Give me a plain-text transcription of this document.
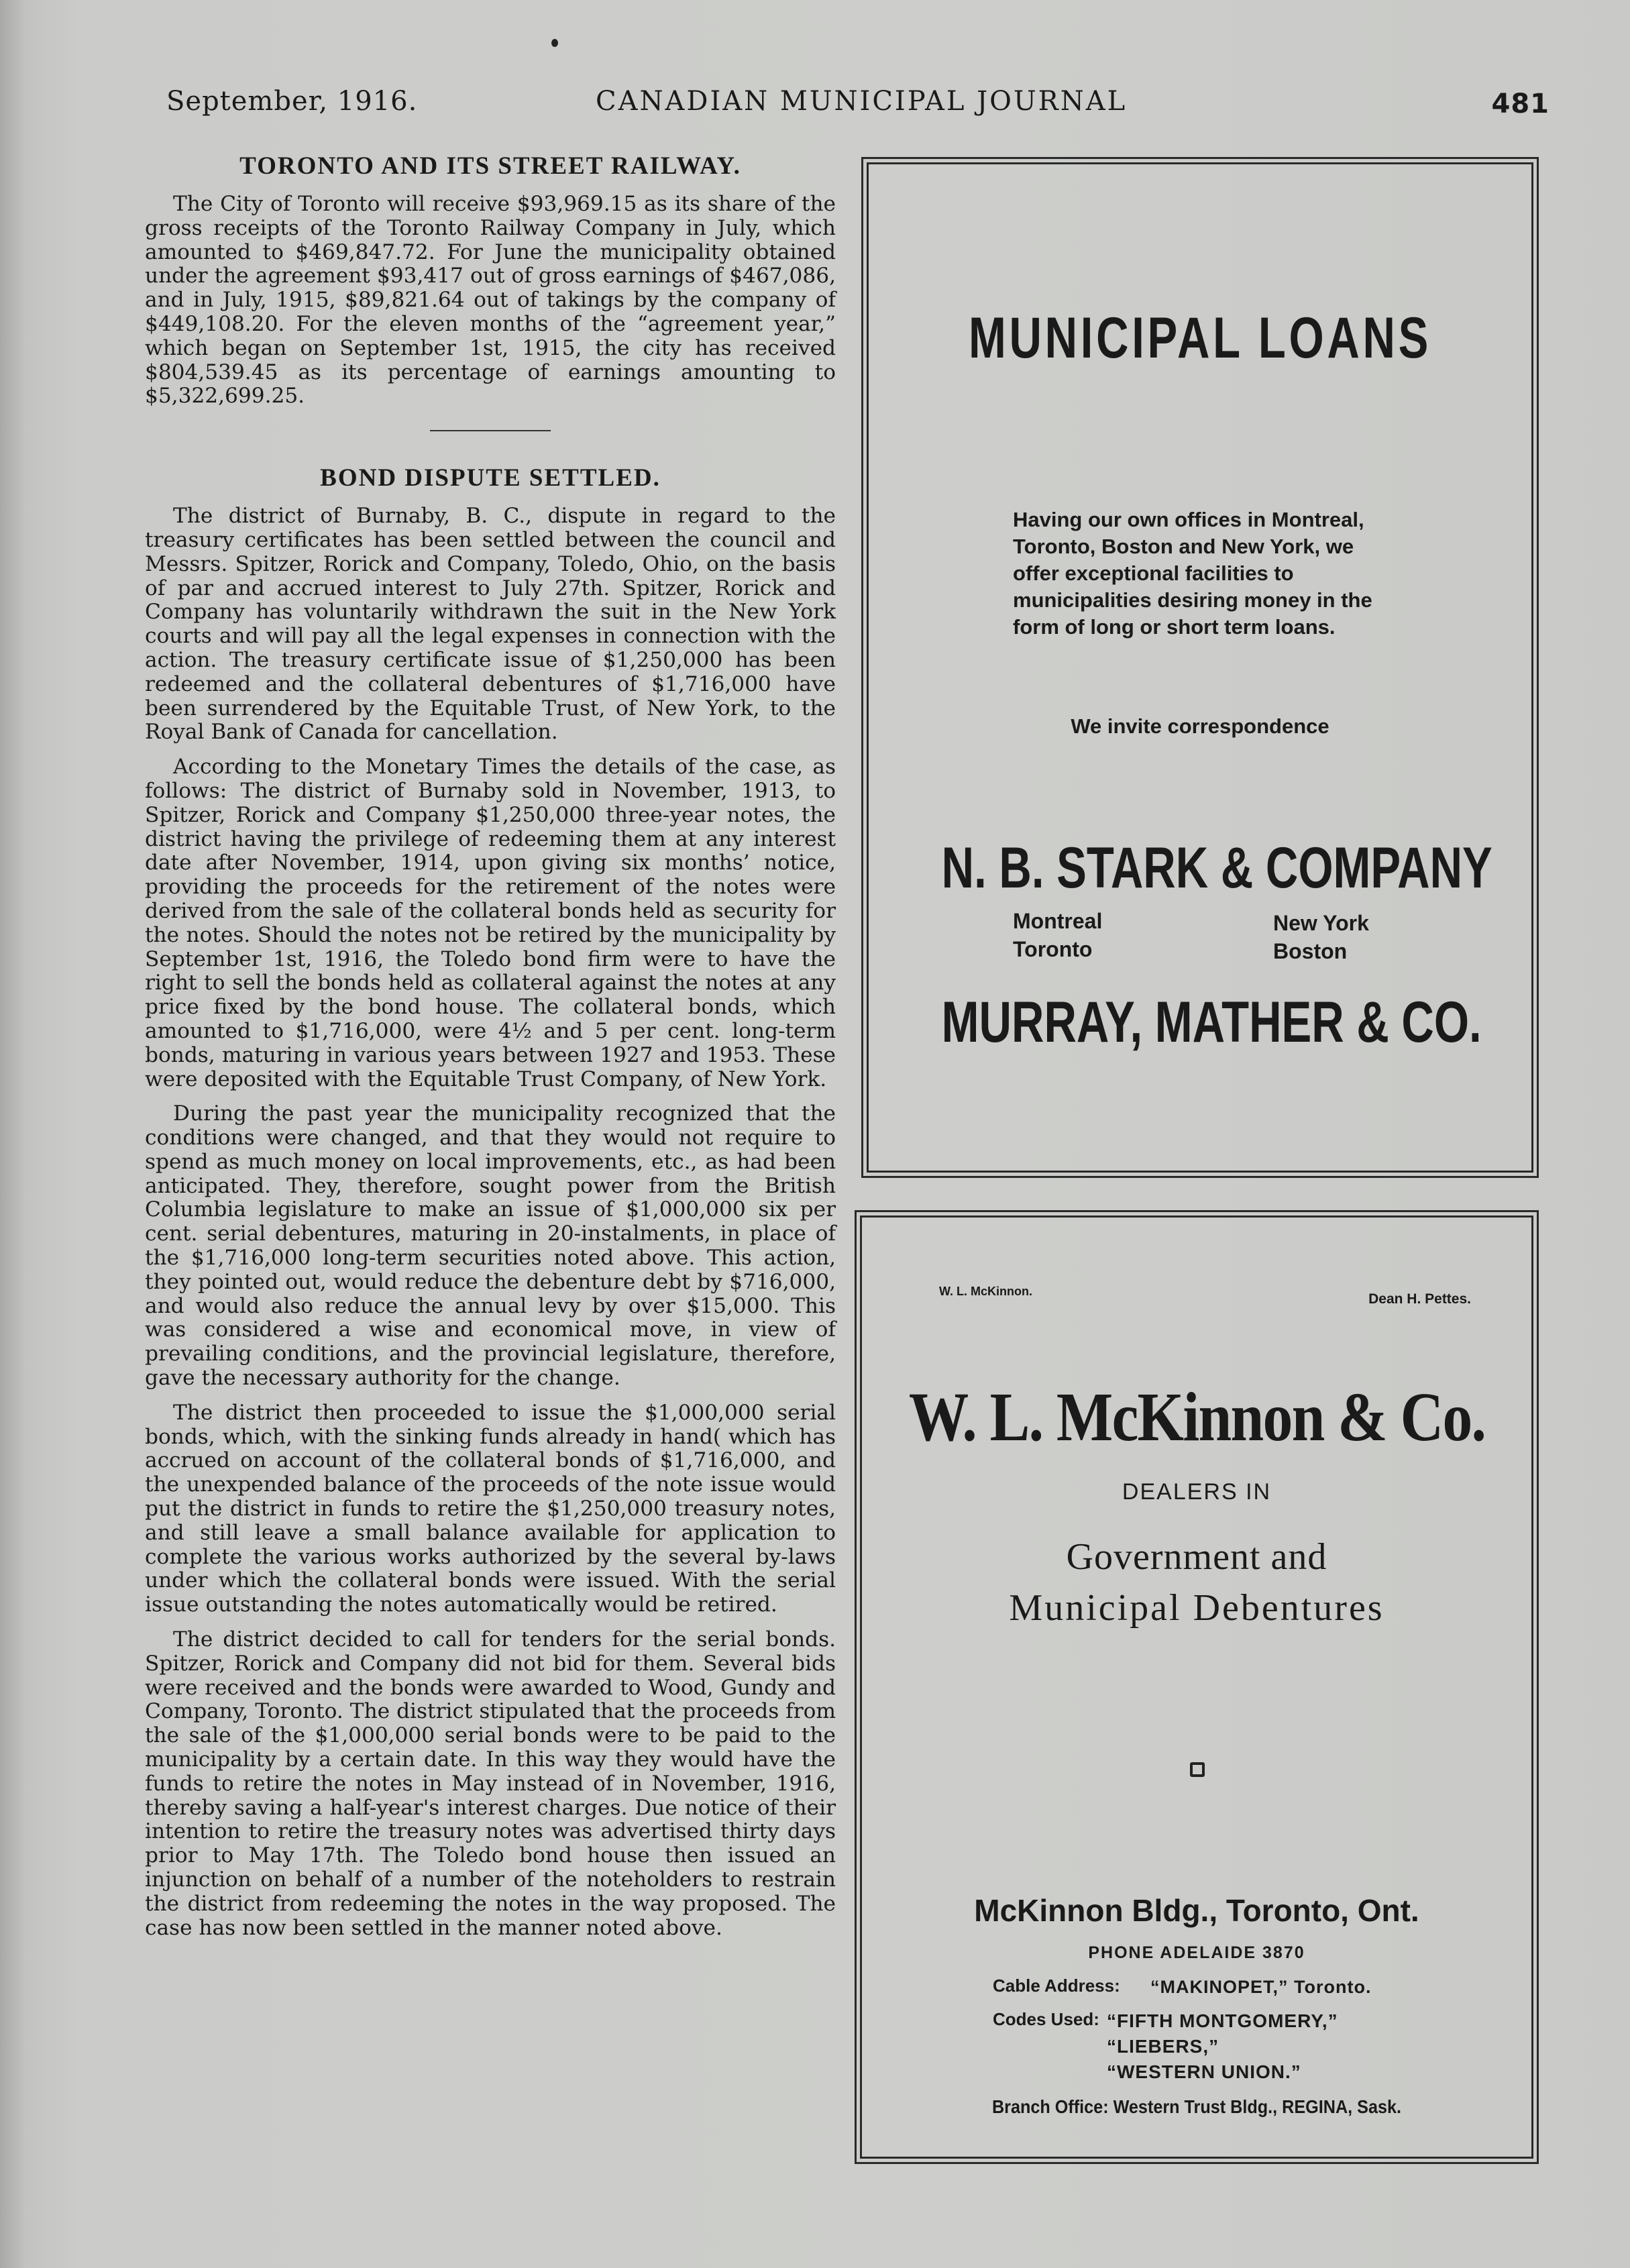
September, 1916.	CANADIAN MUNICIPAL JOURNAL	481
TORONTO AND ITS STREET RAILWAY.

The City of Toronto will receive $93,969.15 as its share of the gross receipts of the Toronto Railway Company in July, which amounted to $469,847.72. For June the municipality obtained under the agreement $93,417 out of gross earnings of $467,086, and in July, 1915, $89,821.64 out of takings by the company of $449,108.20. For the eleven months of the “agreement year,” which began on September 1st, 1915, the city has received $804,539.45 as its percentage of earnings amounting to $5,322,699.25.

BOND DISPUTE SETTLED.

The district of Burnaby, B. C., dispute in regard to the treasury certificates has been settled between the council and Messrs. Spitzer, Rorick and Company, Toledo, Ohio, on the basis of par and accrued interest to July 27th. Spitzer, Rorick and Company has voluntarily withdrawn the suit in the New York courts and will pay all the legal expenses in connection with the action. The treasury certificate issue of $1,250,000 has been redeemed and the collateral debentures of $1,716,000 have been surrendered by the Equitable Trust, of New York, to the Royal Bank of Canada for cancellation.

According to the Monetary Times the details of the case, as follows: The district of Burnaby sold in November, 1913, to Spitzer, Rorick and Company $1,250,000 three-year notes, the district having the privilege of redeeming them at any interest date after November, 1914, upon giving six months’ notice, providing the proceeds for the retirement of the notes were derived from the sale of the collateral bonds held as security for the notes. Should the notes not be retired by the municipality by September 1st, 1916, the Toledo bond firm were to have the right to sell the bonds held as collateral against the notes at any price fixed by the bond house. The collateral bonds, which amounted to $1,716,000, were 4½ and 5 per cent. long-term bonds, maturing in various years between 1927 and 1953. These were deposited with the Equitable Trust Company, of New York.

During the past year the municipality recognized that the conditions were changed, and that they would not require to spend as much money on local improvements, etc., as had been anticipated. They, therefore, sought power from the British Columbia legislature to make an issue of $1,000,000 six per cent. serial debentures, maturing in 20-instalments, in place of the $1,716,000 long-term securities noted above. This action, they pointed out, would reduce the debenture debt by $716,000, and would also reduce the annual levy by over $15,000. This was considered a wise and economical move, in view of prevailing conditions, and the provincial legislature, therefore, gave the necessary authority for the change.

The district then proceeded to issue the $1,000,000 serial bonds, which, with the sinking funds already in hand( which has accrued on account of the collateral bonds of $1,716,000, and the unexpended balance of the proceeds of the note issue would put the district in funds to retire the $1,250,000 treasury notes, and still leave a small balance available for application to complete the various works authorized by the several by-laws under which the collateral bonds were issued. With the serial issue outstanding the notes automatically would be retired.

The district decided to call for tenders for the serial bonds. Spitzer, Rorick and Company did not bid for them. Several bids were received and the bonds were awarded to Wood, Gundy and Company, Toronto. The district stipulated that the proceeds from the sale of the $1,000,000 serial bonds were to be paid to the municipality by a certain date. In this way they would have the funds to retire the notes in May instead of in November, 1916, thereby saving a half-year's interest charges. Due notice of their intention to retire the treasury notes was advertised thirty days prior to May 17th. The Toledo bond house then issued an injunction on behalf of a number of the noteholders to restrain the district from redeeming the notes in the way proposed. The case has now been settled in the manner noted above.

MUNICIPAL LOANS
Having our own offices in Montreal, Toronto, Boston and New York, we offer exceptional facilities to municipalities desiring money in the form of long or short term loans.
We invite correspondence
N. B. STARK & COMPANY
Montreal
Toronto
New York
Boston
MURRAY, MATHER & CO.
W. L. McKinnon.	Dean H. Pettes.
W. L. McKinnon & Co.
DEALERS IN
Government and
Municipal Debentures
McKinnon Bldg., Toronto, Ont.
PHONE ADELAIDE 3870
Cable Address: “MAKINOPET,” Toronto.
Codes Used: “FIFTH MONTGOMERY,”
“LIEBERS,”
“WESTERN UNION.”
Branch Office: Western Trust Bldg., REGINA, Sask.
